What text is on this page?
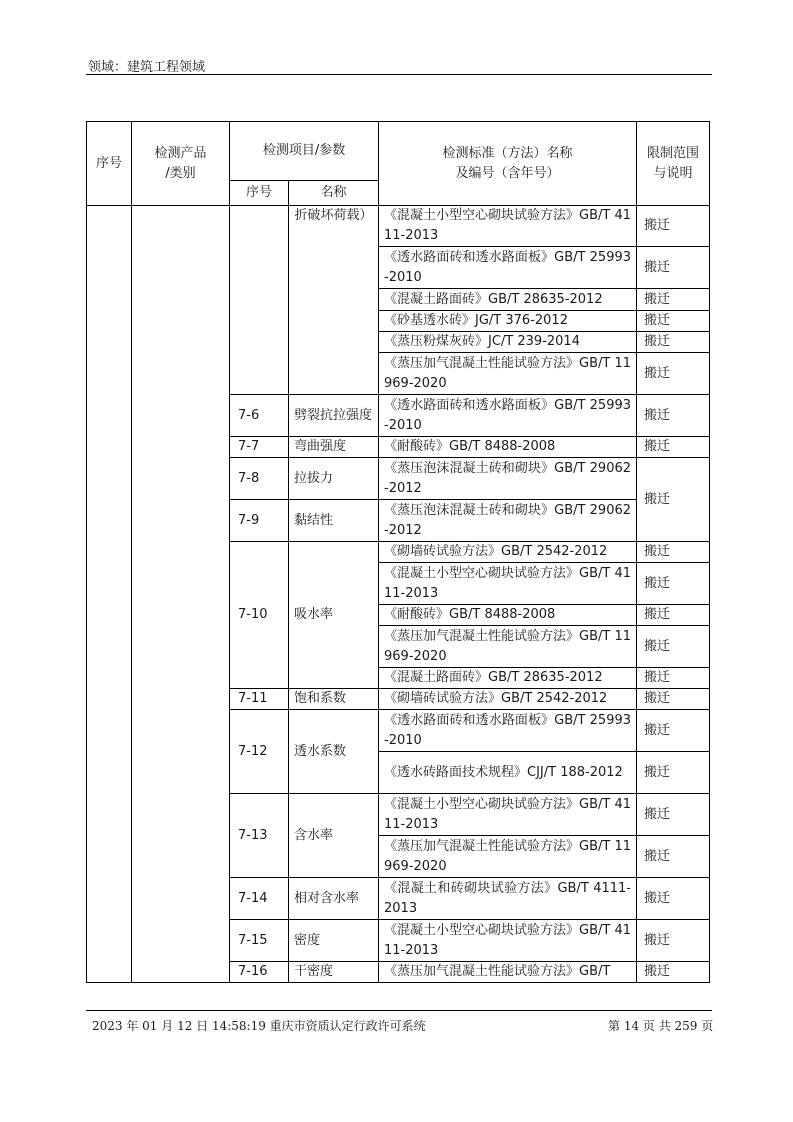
领域：建筑工程领域
序号	检测产品
/类别	检测项目/参数		检测标准（方法）名称
及编号（含年号）	限制范围
与说明
		序号	名称		
			折破坏荷载）	《混凝土小型空心砌块试验方法》GB/T 4111-2013	搬迁
				《透水路面砖和透水路面板》GB/T 25993-2010	搬迁
				《混凝土路面砖》GB/T 28635-2012	搬迁
				《砂基透水砖》JG/T 376-2012	搬迁
				《蒸压粉煤灰砖》JC/T 239-2014	搬迁
				《蒸压加气混凝土性能试验方法》GB/T 11969-2020	搬迁
		7-6	劈裂抗拉强度	《透水路面砖和透水路面板》GB/T 25993-2010	搬迁
		7-7	弯曲强度	《耐酸砖》GB/T 8488-2008	搬迁
		7-8	拉拔力	《蒸压泡沫混凝土砖和砌块》GB/T 29062-2012	搬迁
		7-9	黏结性	《蒸压泡沫混凝土砖和砌块》GB/T 29062-2012	
		7-10	吸水率	《砌墙砖试验方法》GB/T 2542-2012	搬迁
				《混凝土小型空心砌块试验方法》GB/T 4111-2013	搬迁
				《耐酸砖》GB/T 8488-2008	搬迁
				《蒸压加气混凝土性能试验方法》GB/T 11969-2020	搬迁
				《混凝土路面砖》GB/T 28635-2012	搬迁
		7-11	饱和系数	《砌墙砖试验方法》GB/T 2542-2012	搬迁
		7-12	透水系数	《透水路面砖和透水路面板》GB/T 25993-2010	搬迁
				《透水砖路面技术规程》CJJ/T 188-2012	搬迁
		7-13	含水率	《混凝土小型空心砌块试验方法》GB/T 4111-2013	搬迁
				《蒸压加气混凝土性能试验方法》GB/T 11969-2020	搬迁
		7-14	相对含水率	《混凝土和砖砌块试验方法》GB/T 4111-2013	搬迁
		7-15	密度	《混凝土小型空心砌块试验方法》GB/T 4111-2013	搬迁
		7-16	干密度	《蒸压加气混凝土性能试验方法》GB/T	搬迁
2023 年 01 月 12 日 14:58:19 重庆市资质认定行政许可系统	第 14 页 共 259 页
